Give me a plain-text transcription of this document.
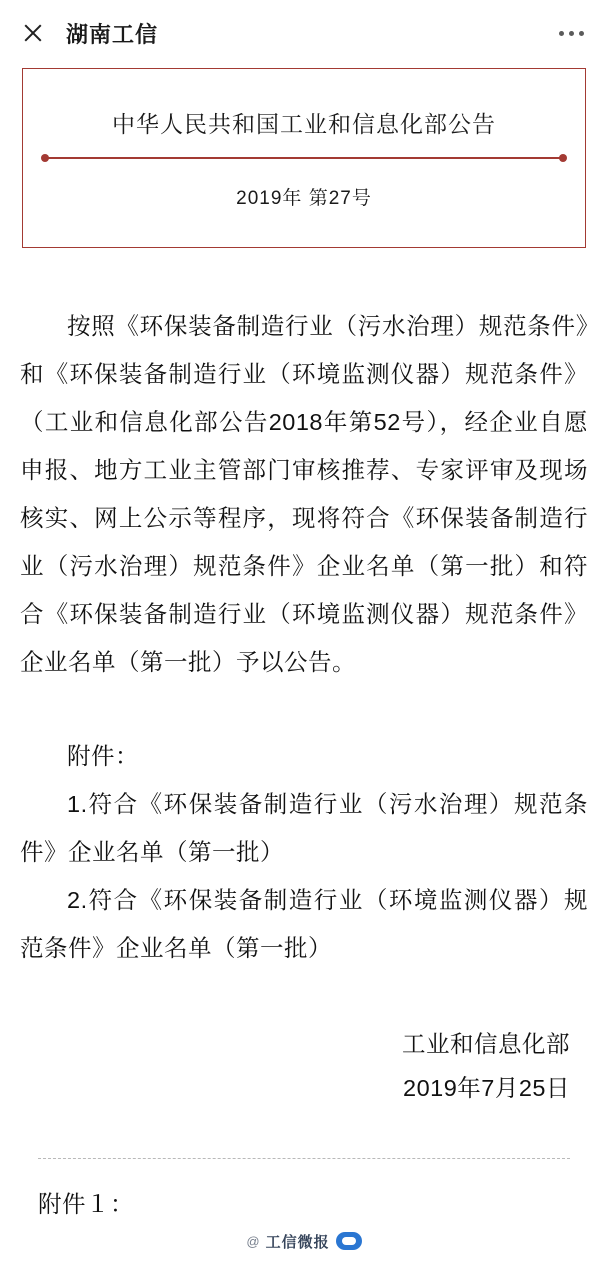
湖南工信
中华人民共和国工业和信息化部公告
2019年 第27号
按照《环保装备制造行业（污水治理）规范条件》和《环保装备制造行业（环境监测仪器）规范条件》（工业和信息化部公告2018年第52号），经企业自愿申报、地方工业主管部门审核推荐、专家评审及现场核实、网上公示等程序，现将符合《环保装备制造行业（污水治理）规范条件》企业名单（第一批）和符合《环保装备制造行业（环境监测仪器）规范条件》企业名单（第一批）予以公告。
附件：
1.符合《环保装备制造行业（污水治理）规范条件》企业名单（第一批）
2.符合《环保装备制造行业（环境监测仪器）规范条件》企业名单（第一批）
工业和信息化部
2019年7月25日
附件１：
@ 工信微报
